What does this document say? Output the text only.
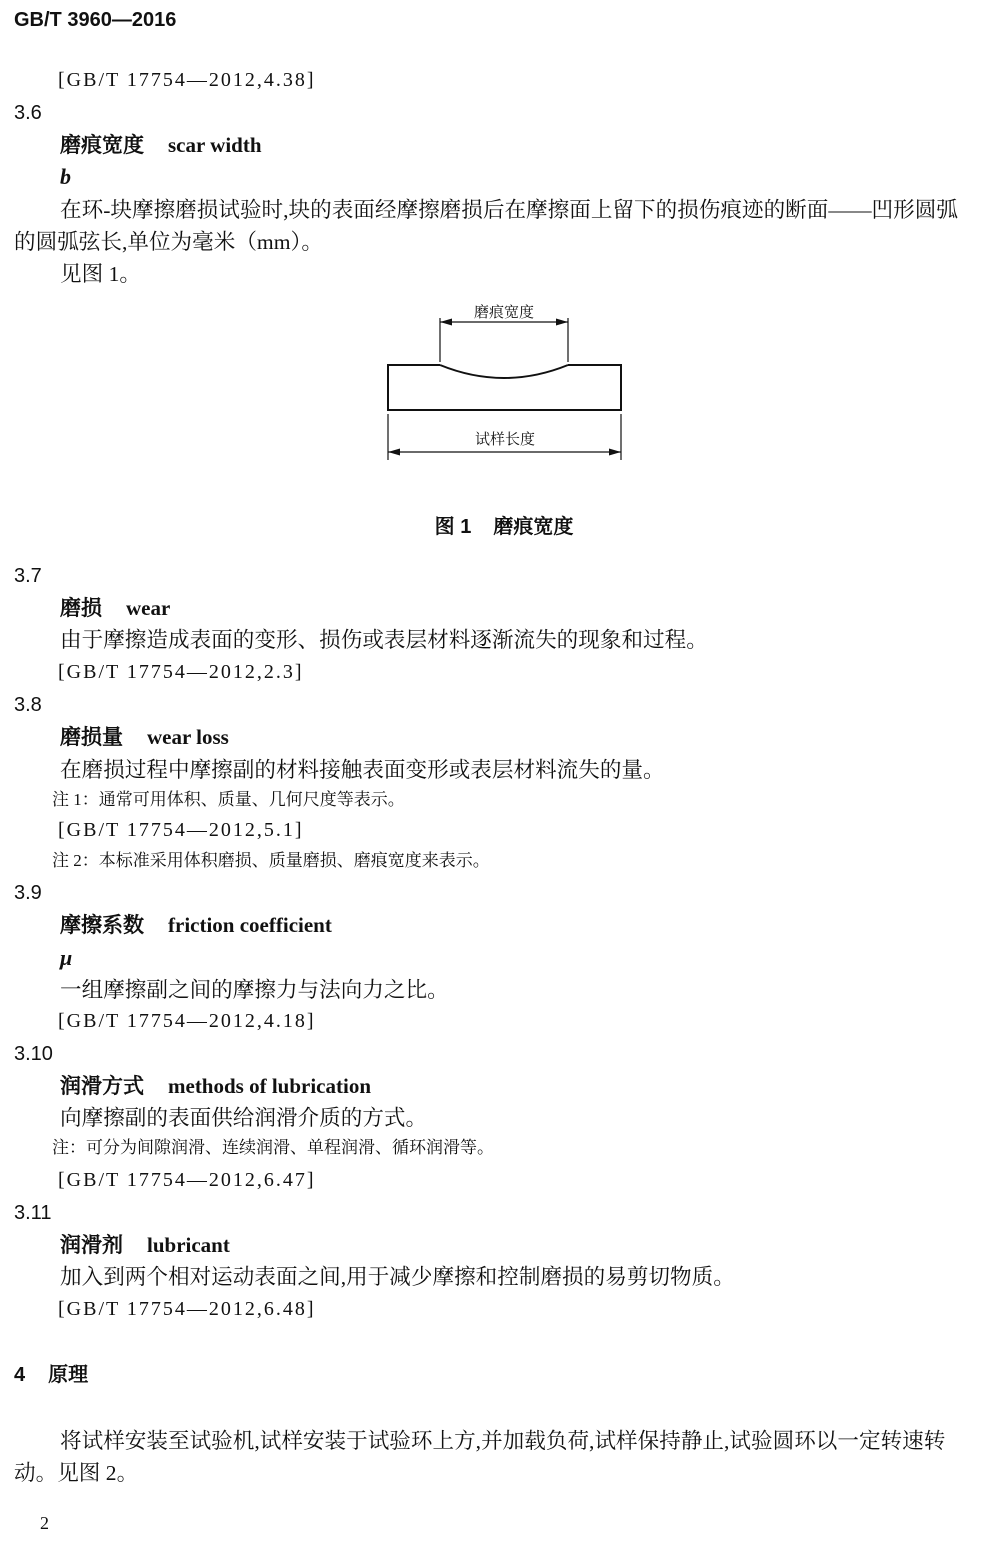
GB/T 3960—2016
[GB/T 17754—2012,4.38]
3.6
磨痕宽度 scar width
b
在环-块摩擦磨损试验时,块的表面经摩擦磨损后在摩擦面上留下的损伤痕迹的断面——凹形圆弧
的圆弧弦长,单位为毫米（mm）。
见图 1。
磨痕宽度
试样长度
图 1 磨痕宽度
3.7
磨损 wear
由于摩擦造成表面的变形、损伤或表层材料逐渐流失的现象和过程。
[GB/T 17754—2012,2.3]
3.8
磨损量 wear loss
在磨损过程中摩擦副的材料接触表面变形或表层材料流失的量。
注 1：通常可用体积、质量、几何尺度等表示。
[GB/T 17754—2012,5.1]
注 2：本标准采用体积磨损、质量磨损、磨痕宽度来表示。
3.9
摩擦系数 friction coefficient
μ
一组摩擦副之间的摩擦力与法向力之比。
[GB/T 17754—2012,4.18]
3.10
润滑方式 methods of lubrication
向摩擦副的表面供给润滑介质的方式。
注：可分为间隙润滑、连续润滑、单程润滑、循环润滑等。
[GB/T 17754—2012,6.47]
3.11
润滑剂 lubricant
加入到两个相对运动表面之间,用于减少摩擦和控制磨损的易剪切物质。
[GB/T 17754—2012,6.48]
4 原理
将试样安装至试验机,试样安装于试验环上方,并加载负荷,试样保持静止,试验圆环以一定转速转
动。见图 2。
2
